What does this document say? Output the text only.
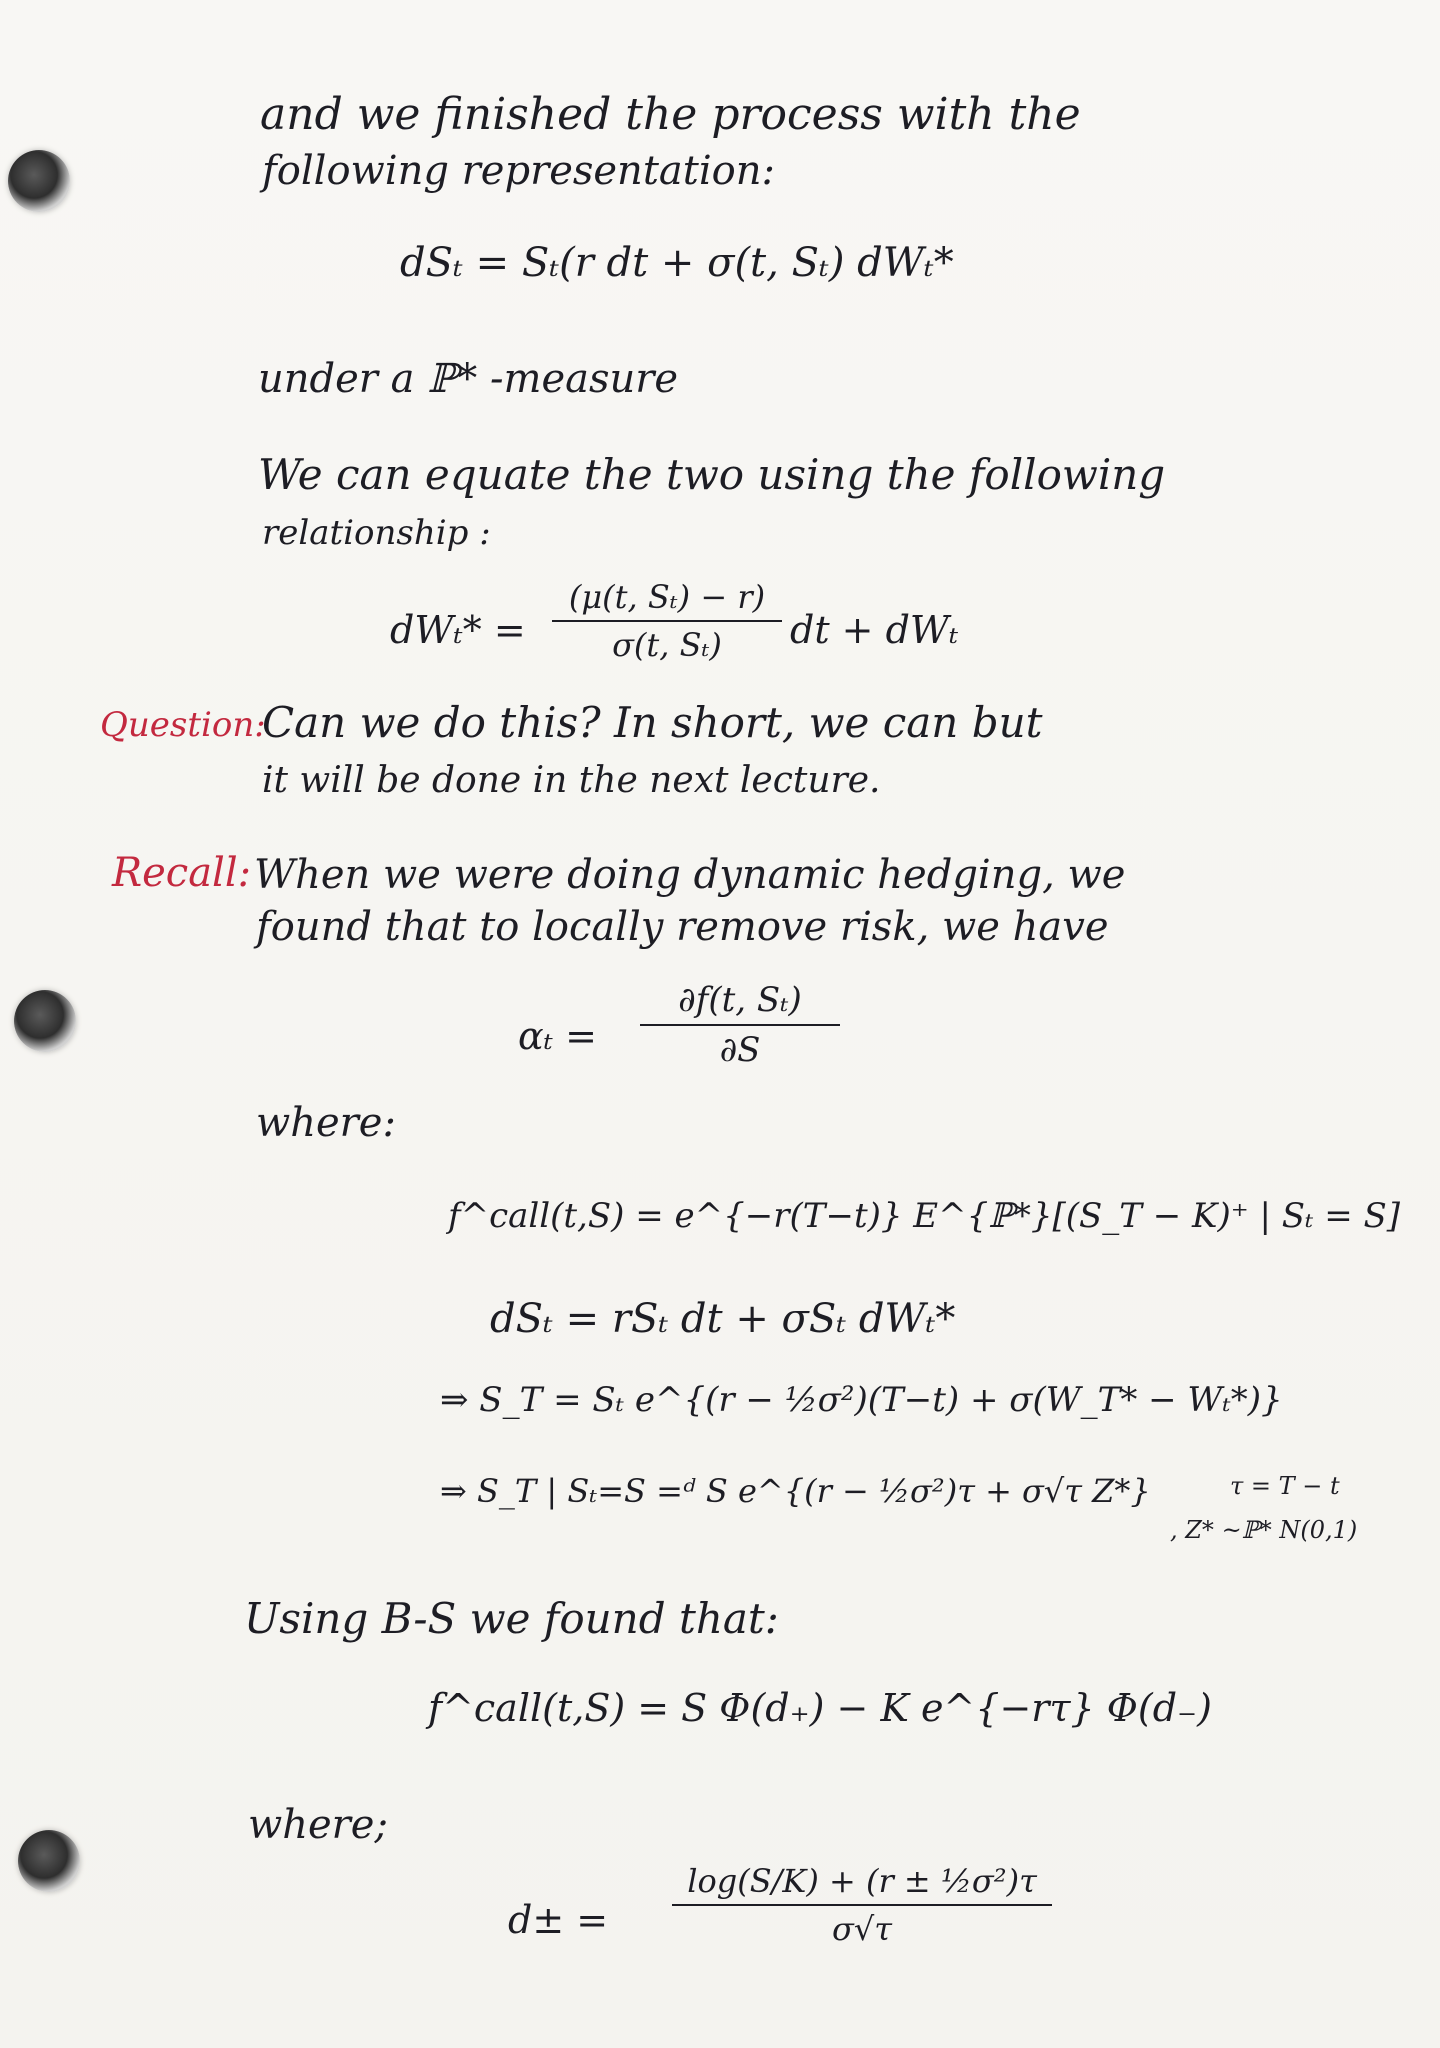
and we finished the process with the
following representation:
dSₜ = Sₜ(r dt + σ(t, Sₜ) dWₜ*
under a ℙ* -measure
We can equate the two using the following
relationship :
dWₜ* =
(μ(t, Sₜ) − r)
σ(t, Sₜ)	dt + dWₜ
Question:
Can we do this? In short, we can but
it will be done in the next lecture.
Recall: When we were doing dynamic hedging, we
found that to locally remove risk, we have
αₜ =
∂f(t, Sₜ)
∂S
where:
f^call(t,S) = e^{−r(T−t)} E^{ℙ*}[(S_T − K)⁺ | Sₜ = S]
dSₜ = rSₜ dt + σSₜ dWₜ*
⇒ S_T = Sₜ e^{(r − ½σ²)(T−t) + σ(W_T* − Wₜ*)}
⇒ S_T | Sₜ=S =ᵈ S e^{(r − ½σ²)τ + σ√τ Z*}	τ = T − t
, Z* ~ℙ* N(0,1)
Using B-S we found that:
f^call(t,S) = S Φ(d₊) − K e^{−rτ} Φ(d₋)
where;
d± =
log(S/K) + (r ± ½σ²)τ
σ√τ
